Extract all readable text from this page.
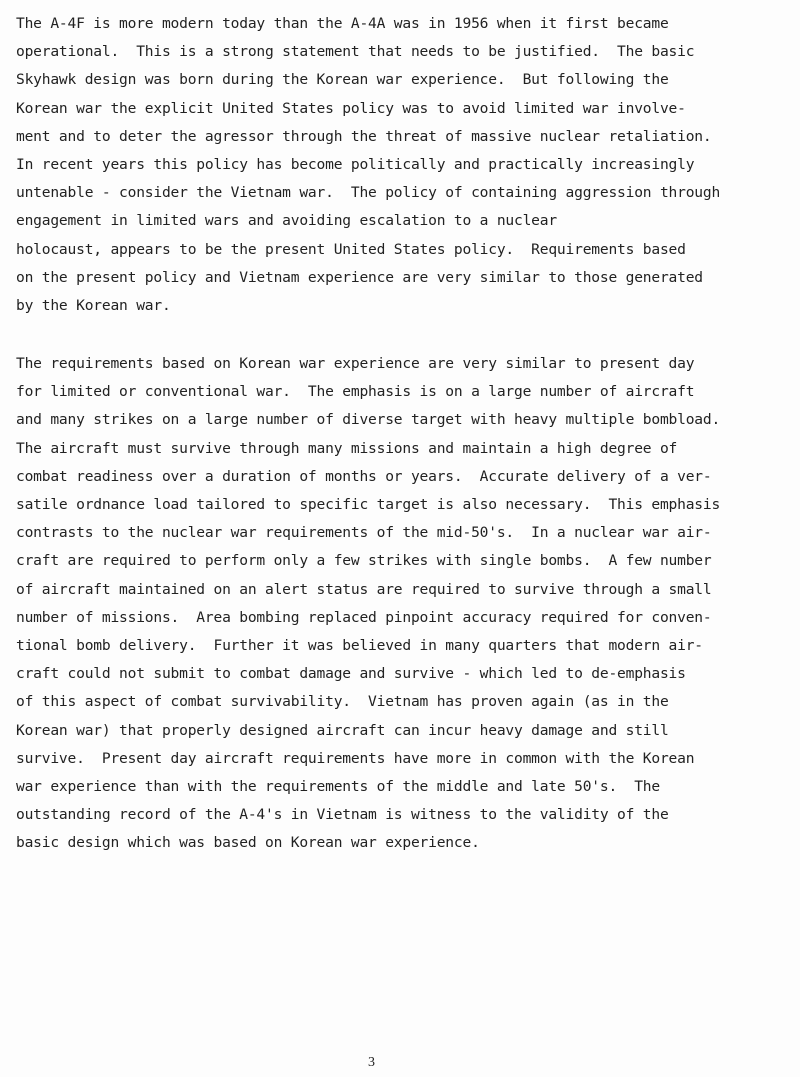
The A-4F is more modern today than the A-4A was in 1956 when it first became
operational.  This is a strong statement that needs to be justified.  The basic
Skyhawk design was born during the Korean war experience.  But following the
Korean war the explicit United States policy was to avoid limited war involve-
ment and to deter the agressor through the threat of massive nuclear retaliation.
In recent years this policy has become politically and practically increasingly
untenable - consider the Vietnam war.  The policy of containing aggression through
engagement in limited wars and avoiding escalation to a nuclear
holocaust, appears to be the present United States policy.  Requirements based
on the present policy and Vietnam experience are very similar to those generated
by the Korean war.
The requirements based on Korean war experience are very similar to present day
for limited or conventional war.  The emphasis is on a large number of aircraft
and many strikes on a large number of diverse target with heavy multiple bombload.
The aircraft must survive through many missions and maintain a high degree of
combat readiness over a duration of months or years.  Accurate delivery of a ver-
satile ordnance load tailored to specific target is also necessary.  This emphasis
contrasts to the nuclear war requirements of the mid-50's.  In a nuclear war air-
craft are required to perform only a few strikes with single bombs.  A few number
of aircraft maintained on an alert status are required to survive through a small
number of missions.  Area bombing replaced pinpoint accuracy required for conven-
tional bomb delivery.  Further it was believed in many quarters that modern air-
craft could not submit to combat damage and survive - which led to de-emphasis
of this aspect of combat survivability.  Vietnam has proven again (as in the
Korean war) that properly designed aircraft can incur heavy damage and still
survive.  Present day aircraft requirements have more in common with the Korean
war experience than with the requirements of the middle and late 50's.  The
outstanding record of the A-4's in Vietnam is witness to the validity of the
basic design which was based on Korean war experience.
3
